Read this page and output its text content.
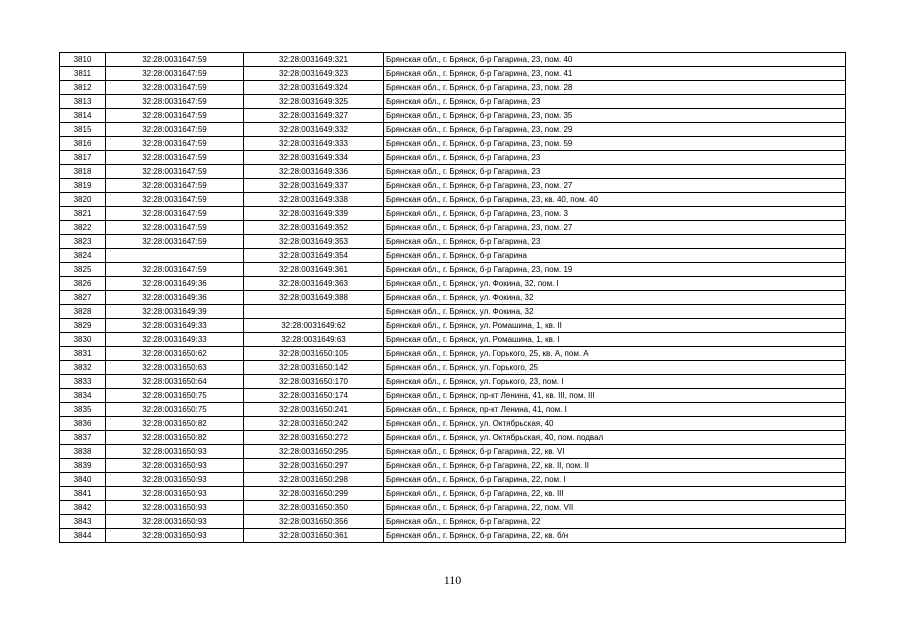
3810	32:28:0031647:59	32:28:0031649:321	Брянская обл., г. Брянск, б-р Гагарина, 23, пом. 40
3811	32:28:0031647:59	32:28:0031649:323	Брянская обл., г. Брянск, б-р Гагарина, 23, пом. 41
3812	32:28:0031647:59	32:28:0031649:324	Брянская обл., г. Брянск, б-р Гагарина, 23, пом. 28
3813	32:28:0031647:59	32:28:0031649:325	Брянская обл., г. Брянск, б-р Гагарина, 23
3814	32:28:0031647:59	32:28:0031649:327	Брянская обл., г. Брянск, б-р Гагарина, 23, пом. 35
3815	32:28:0031647:59	32:28:0031649:332	Брянская обл., г. Брянск, б-р Гагарина, 23, пом. 29
3816	32:28:0031647:59	32:28:0031649:333	Брянская обл., г. Брянск, б-р Гагарина, 23, пом. 59
3817	32:28:0031647:59	32:28:0031649:334	Брянская обл., г. Брянск, б-р Гагарина, 23
3818	32:28:0031647:59	32:28:0031649:336	Брянская обл., г. Брянск, б-р Гагарина, 23
3819	32:28:0031647:59	32:28:0031649:337	Брянская обл., г. Брянск, б-р Гагарина, 23, пом. 27
3820	32:28:0031647:59	32:28:0031649:338	Брянская обл., г. Брянск, б-р Гагарина, 23, кв. 40, пом. 40
3821	32:28:0031647:59	32:28:0031649:339	Брянская обл., г. Брянск, б-р Гагарина, 23, пом. 3
3822	32:28:0031647:59	32:28:0031649:352	Брянская обл., г. Брянск, б-р Гагарина, 23, пом. 27
3823	32:28:0031647:59	32:28:0031649:353	Брянская обл., г. Брянск, б-р Гагарина, 23
3824		32:28:0031649:354	Брянская обл., г. Брянск, б-р Гагарина
3825	32:28:0031647:59	32:28:0031649:361	Брянская обл., г. Брянск, б-р Гагарина, 23, пом. 19
3826	32:28:0031649:36	32:28:0031649:363	Брянская обл., г. Брянск, ул. Фокина, 32, пом. I
3827	32:28:0031649:36	32:28:0031649:388	Брянская обл., г. Брянск, ул. Фокина, 32
3828	32:28:0031649:39		Брянская обл., г. Брянск, ул. Фокина, 32
3829	32:28:0031649:33	32:28:0031649:62	Брянская обл., г. Брянск, ул. Ромашина, 1, кв. II
3830	32:28:0031649:33	32:28:0031649:63	Брянская обл., г. Брянск, ул. Ромашина, 1, кв. I
3831	32:28:0031650:62	32:28:0031650:105	Брянская обл., г. Брянск, ул. Горького, 25, кв. А, пом. А
3832	32:28:0031650:63	32:28:0031650:142	Брянская обл., г. Брянск, ул. Горького, 25
3833	32:28:0031650:64	32:28:0031650:170	Брянская обл., г. Брянск, ул. Горького, 23, пом. I
3834	32:28:0031650:75	32:28:0031650:174	Брянская обл., г. Брянск, пр-кт Ленина, 41, кв. III, пом. III
3835	32:28:0031650:75	32:28:0031650:241	Брянская обл., г. Брянск, пр-кт Ленина, 41, пом. I
3836	32:28:0031650:82	32:28:0031650:242	Брянская обл., г. Брянск, ул. Октябрьская, 40
3837	32:28:0031650:82	32:28:0031650:272	Брянская обл., г. Брянск, ул. Октябрьская, 40, пом. подвал
3838	32:28:0031650:93	32:28:0031650:295	Брянская обл., г. Брянск, б-р Гагарина, 22, кв. VI
3839	32:28:0031650:93	32:28:0031650:297	Брянская обл., г. Брянск, б-р Гагарина, 22, кв. II, пом. II
3840	32:28:0031650:93	32:28:0031650:298	Брянская обл., г. Брянск, б-р Гагарина, 22, пом. I
3841	32:28:0031650:93	32:28:0031650:299	Брянская обл., г. Брянск, б-р Гагарина, 22, кв. III
3842	32:28:0031650:93	32:28:0031650:350	Брянская обл., г. Брянск, б-р Гагарина, 22, пом. VII
3843	32:28:0031650:93	32:28:0031650:356	Брянская обл., г. Брянск, б-р Гагарина, 22
3844	32:28:0031650:93	32:28:0031650:361	Брянская обл., г. Брянск, б-р Гагарина, 22, кв. б/н
110
